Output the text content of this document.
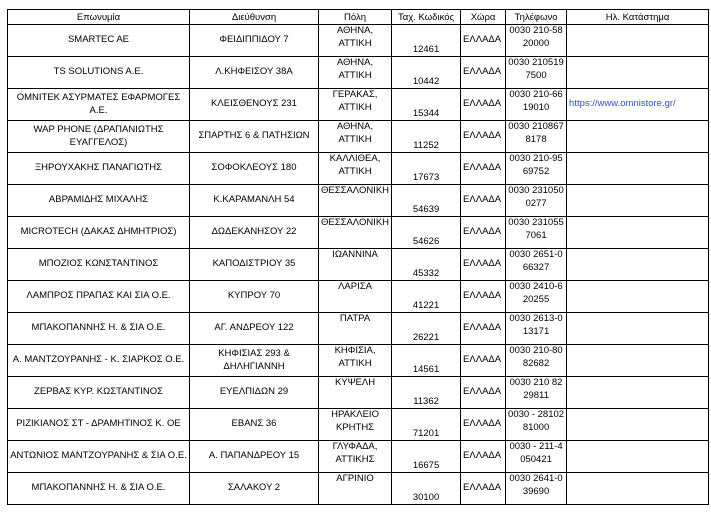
Επωνυμία	Διεύθυνση	Πόλη	Ταχ. Κωδικός	Χώρα	Τηλέφωνο	Ηλ. Κατάστημα
SMARTEC AE	ΦΕΙΔΙΠΠΙΔΟΥ 7	ΑΘΗΝΑ, ΑΤΤΙΚΗ	12461	ΕΛΛΑΔΑ	0030 210-5820000	
TS SOLUTIONS A.E.	Λ.ΚΗΦΕΙΣΟΥ 38Α	ΑΘΗΝΑ, ΑΤΤΙΚΗ	10442	ΕΛΛΑΔΑ	0030 2105197500	
ΟΜΝΙΤΕΚ ΑΣΥΡΜΑΤΕΣ ΕΦΑΡΜΟΓΕΣ Α.Ε.	ΚΛΕΙΣΘΕΝΟΥΣ 231	ΓΕΡΑΚΑΣ, ΑΤΤΙΚΗ	15344	ΕΛΛΑΔΑ	0030 210-6619010	https://www.omnistore.gr/
WAP PHONE (ΔΡΑΠΑΝΙΩΤΗΣ ΕΥΑΓΓΕΛΟΣ)	ΣΠΑΡΤΗΣ 6 & ΠΑΤΗΣΙΩΝ	ΑΘΗΝΑ, ΑΤΤΙΚΗ	11252	ΕΛΛΑΔΑ	0030 2108678178	
ΞΗΡΟΥΧΑΚΗΣ ΠΑΝΑΓΙΩΤΗΣ	ΣΟΦΟΚΛΕΟΥΣ 180	ΚΑΛΛΙΘΕΑ, ΑΤΤΙΚΗ	17673	ΕΛΛΑΔΑ	0030 210-9569752	
ΑΒΡΑΜΙΔΗΣ ΜΙΧΑΛΗΣ	Κ.ΚΑΡΑΜΑΝΛΗ 54	ΘΕΣΣΑΛΟΝΙΚΗ	54639	ΕΛΛΑΔΑ	0030 2310500277	
MICROTECH (ΔΑΚΑΣ ΔΗΜΗΤΡΙΟΣ)	ΔΩΔΕΚΑΝΗΣΟΥ 22	ΘΕΣΣΑΛΟΝΙΚΗ	54626	ΕΛΛΑΔΑ	0030 2310557061	
ΜΠΟΖΙΟΣ ΚΩΝΣΤΑΝΤΙΝΟΣ	ΚΑΠΟΔΙΣΤΡΙΟΥ 35	ΙΩΑΝΝΙΝΑ	45332	ΕΛΛΑΔΑ	0030 2651-066327	
ΛΑΜΠΡΟΣ ΠΡΑΠΑΣ ΚΑΙ ΣΙΑ Ο.Ε.	ΚΥΠΡΟΥ 70	ΛΑΡΙΣΑ	41221	ΕΛΛΑΔΑ	0030 2410-620255	
ΜΠΑΚΟΠΑΝΝΗΣ Η. & ΣΙΑ Ο.Ε.	ΑΓ. ΑΝΔΡΕΟΥ 122	ΠΑΤΡΑ	26221	ΕΛΛΑΔΑ	0030 2613-013171	
Α. ΜΑΝΤΖΟΥΡΑΝΗΣ - Κ. ΣΙΑΡΚΟΣ Ο.Ε.	ΚΗΦΙΣΙΑΣ 293 & ΔΗΛΗΓΙΑΝΝΗ	ΚΗΦΙΣΙΑ, ΑΤΤΙΚΗ	14561	ΕΛΛΑΔΑ	0030 210-8082682	
ΖΕΡΒΑΣ ΚΥΡ. ΚΩΣΤΑΝΤΙΝΟΣ	ΕΥΕΛΠΙΔΩΝ 29	ΚΥΨΕΛΗ	11362	ΕΛΛΑΔΑ	0030 210 8229811	
ΡΙΖΙΚΙΑΝΟΣ ΣΤ - ΔΡΑΜΗΤΙΝΟΣ Κ. ΟΕ	ΕΒΑΝΣ 36	ΗΡΑΚΛΕΙΟ ΚΡΗΤΗΣ	71201	ΕΛΛΑΔΑ	0030 - 2810281000	
ΑΝΤΩΝΙΟΣ ΜΑΝΤΖΟΥΡΑΝΗΣ & ΣΙΑ Ο.Ε.	Α. ΠΑΠΑΝΔΡΕΟΥ 15	ΓΛΥΦΑΔΑ, ΑΤΤΙΚΗΣ	16675	ΕΛΛΑΔΑ	0030 - 211-4050421	
ΜΠΑΚΟΠΑΝΝΗΣ Η. & ΣΙΑ Ο.Ε.	ΣΑΛΑΚΟΥ 2	ΑΓΡΙΝΙΟ	30100	ΕΛΛΑΔΑ	0030 2641-039690	
